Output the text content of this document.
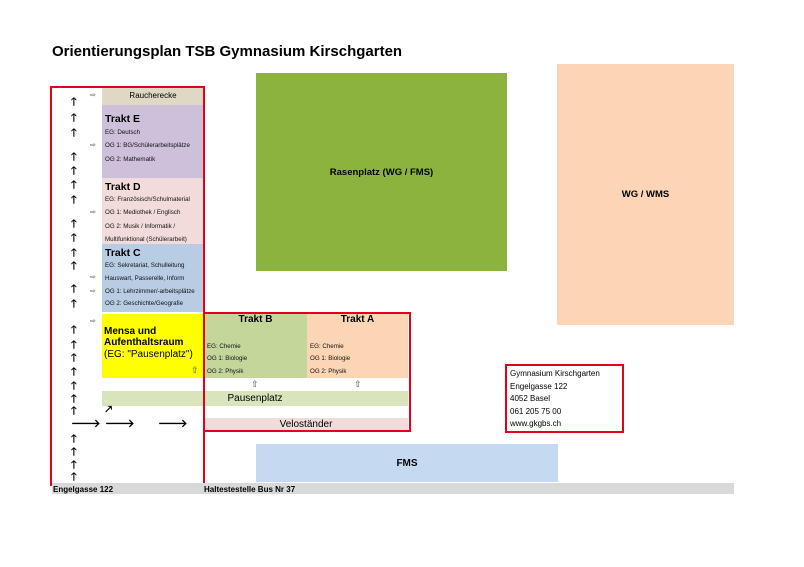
Orientierungsplan TSB Gymnasium Kirschgarten
Rasenplatz (WG / FMS)
WG / WMS
Raucherecke
Trakt E
EG: Deutsch
OG 1: BG/Schülerarbeitsplätze
OG 2: Mathematik
Trakt D
EG: Französisch/Schulmaterial
OG 1: Mediothek / Englisch
OG 2: Musik / Informatik /
Multifunktional (Schülerarbeit)
Trakt C
EG: Sekretariat, Schulleitung
Hauswart, Passerelle, Inform
OG 1: Lehrzimmer/-arbeitsplätze
OG 2: Geschichte/Geografie
Mensa und
Aufenthaltsraum
(EG: "Pausenplatz")
⇧
Trakt B
EG: Chemie
OG 1: Biologie
OG 2: Physik
Trakt A
EG: Chemie
OG 1: Biologie
OG 2: Physik
⇧	⇧
Pausenplatz
Veloständer
🡑
🡑
🡑
🡑
🡑
🡑
🡑
🡑
🡑
🡑
🡑
🡑
🡑
🡑
🡑
🡑
🡑
🡑
🡑
🡑
🡒
🡑
🡑
🡑
🡑
⇨
⇨
⇨
⇨
⇨
⇨
🡕
🡒 🡒
Gymnasium Kirschgarten
Engelgasse 122
4052 Basel
061 205 75 00
www.gkgbs.ch
FMS
Engelgasse 122	Haltestestelle Bus Nr 37
